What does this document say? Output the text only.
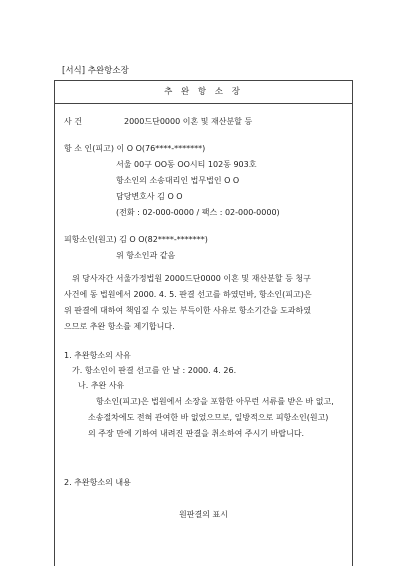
[서식] 추완항소장
추 완 항 소 장
사 건	2000드단0000 이혼 및 재산분할 등
항 소 인(피고) 이 O O(76****-*******)
서울 00구 OO동 OO시티 102동 903호
항소인의 소송대리인 법무법인 O O
담당변호사 김 O O
(전화 : 02-000-0000 / 팩스 : 02-000-0000)
피항소인(원고) 김 O O(82****-*******)
위 항소인과 같음
위 당사자간 서울가정법원 2000드단0000 이혼 및 재산분할 등 청구
사건에 동 법원에서 2000. 4. 5. 판결 선고를 하였던바, 항소인(피고)은
위 판결에 대하여 책임질 수 있는 부득이한 사유로 항소기간을 도과하였
으므로 추완 항소를 제기합니다.
1. 추완항소의 사유
가. 항소인이 판결 선고를 안 날 : 2000. 4. 26.
나. 추완 사유
항소인(피고)은 법원에서 소장을 포함한 아무런 서류를 받은 바 없고,
소송절차에도 전혀 관여한 바 없었으므로, 일방적으로 피항소인(원고)
의 주장 만에 기하여 내려진 판결을 취소하여 주시기 바랍니다.
2. 추완항소의 내용
원판결의 표시
